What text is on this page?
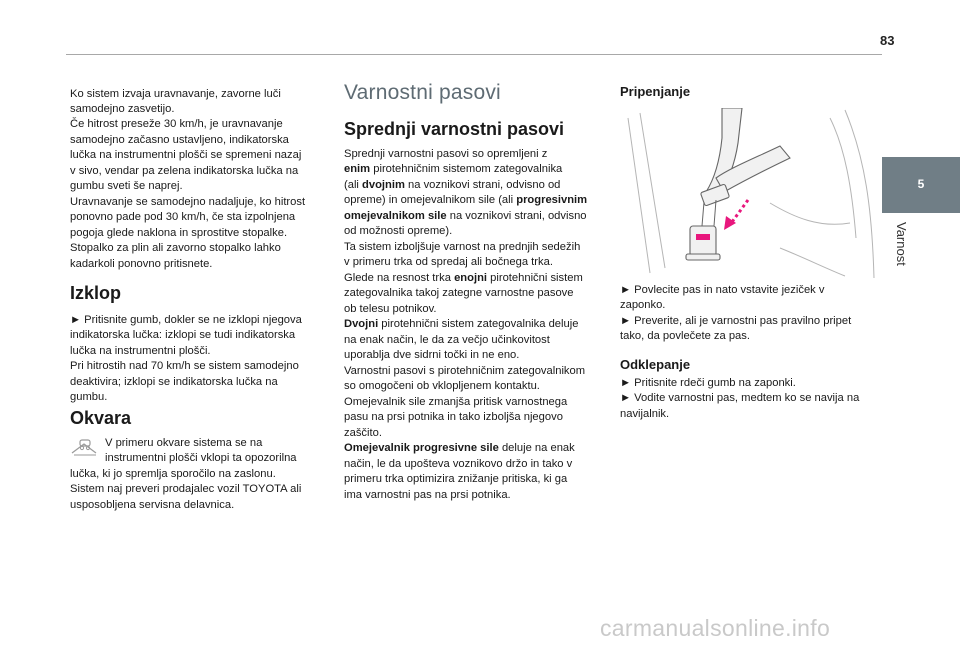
83
5
Varnost
Ko sistem izvaja uravnavanje, zavorne luči
samodejno zasvetijo.
Če hitrost preseže 30 km/h, je uravnavanje
samodejno začasno ustavljeno, indikatorska
lučka na instrumentni plošči se spremeni nazaj
v sivo, vendar pa zelena indikatorska lučka na
gumbu sveti še naprej.
Uravnavanje se samodejno nadaljuje, ko hitrost
ponovno pade pod 30 km/h, če sta izpolnjena
pogoja glede naklona in sprostitve stopalke.
Stopalko za plin ali zavorno stopalko lahko
kadarkoli ponovno pritisnete.
Izklop
► Pritisnite gumb, dokler se ne izklopi njegova
indikatorska lučka: izklopi se tudi indikatorska
lučka na instrumentni plošči.
Pri hitrostih nad 70 km/h se sistem samodejno
deaktivira; izklopi se indikatorska lučka na
gumbu.
Okvara
V primeru okvare sistema se na
instrumentni plošči vklopi ta opozorilna
lučka, ki jo spremlja sporočilo na zaslonu.
Sistem naj preveri prodajalec vozil TOYOTA ali
usposobljena servisna delavnica.
Varnostni pasovi
Sprednji varnostni pasovi
Sprednji varnostni pasovi so opremljeni z
enim pirotehničnim sistemom zategovalnika
(ali dvojnim na voznikovi strani, odvisno od
opreme) in omejevalnikom sile (ali progresivnim
omejevalnikom sile na voznikovi strani, odvisno
od možnosti opreme).
Ta sistem izboljšuje varnost na prednjih sedežih
v primeru trka od spredaj ali bočnega trka.
Glede na resnost trka enojni pirotehnični sistem
zategovalnika takoj zategne varnostne pasove
ob telesu potnikov.
Dvojni pirotehnični sistem zategovalnika deluje
na enak način, le da za večjo učinkovitost
uporablja dve sidrni točki in ne eno.
Varnostni pasovi s pirotehničnim zategovalnikom
so omogočeni ob vklopljenem kontaktu.
Omejevalnik sile zmanjša pritisk varnostnega
pasu na prsi potnika in tako izboljša njegovo
zaščito.
Omejevalnik progresivne sile deluje na enak
način, le da upošteva voznikovo držo in tako v
primeru trka optimizira znižanje pritiska, ki ga
ima varnostni pas na prsi potnika.
Pripenjanje
► Povlecite pas in nato vstavite jeziček v
zaponko.
► Preverite, ali je varnostni pas pravilno pripet
tako, da povlečete za pas.
Odklepanje
► Pritisnite rdeči gumb na zaponki.
► Vodite varnostni pas, medtem ko se navija na
navijalnik.
carmanualsonline.info
